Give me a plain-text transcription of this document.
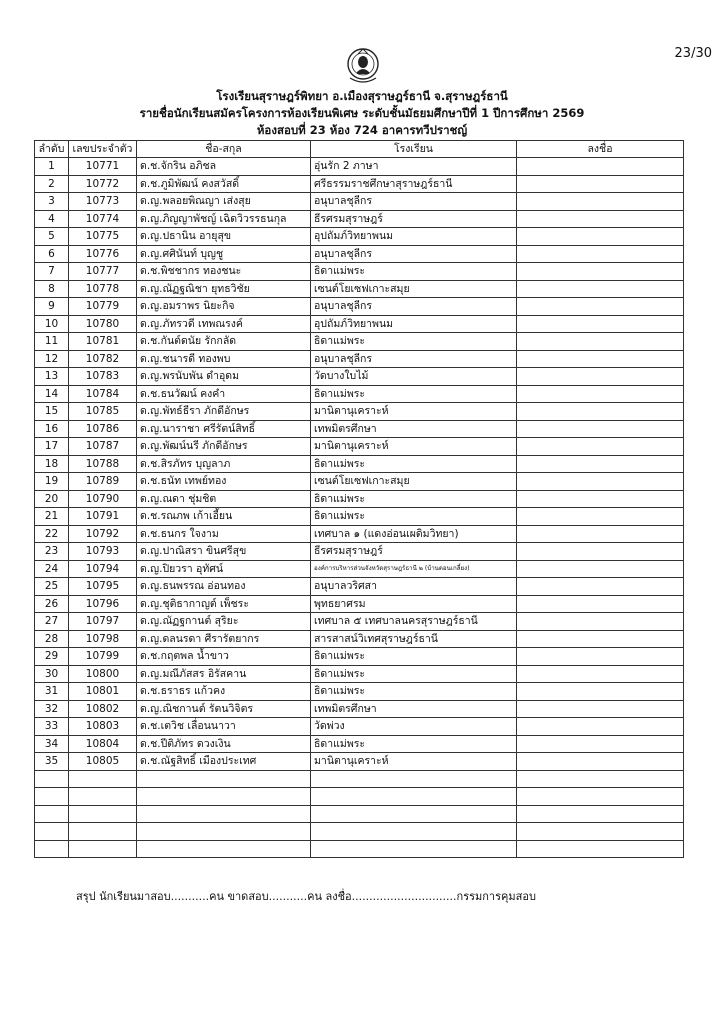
23/30
โรงเรียนสุราษฎร์พิทยา อ.เมืองสุราษฎร์ธานี จ.สุราษฎร์ธานี
รายชื่อนักเรียนสมัครโครงการห้องเรียนพิเศษ ระดับชั้นมัธยมศึกษาปีที่ 1 ปีการศึกษา 2569
ห้องสอบที่ 23 ห้อง 724 อาคารทวีปราชญ์
ลำดับ	เลขประจำตัว	ชื่อ-สกุล	โรงเรียน	ลงชื่อ
1	10771	ด.ช.จักริน อภิชล	อุ่นรัก 2 ภาษา	
2	10772	ด.ช.ภูมิพัฒน์ คงสวัสดิ์	ศรีธรรมราชศึกษาสุราษฎร์ธานี	
3	10773	ด.ญ.พลอยพิณญา เส่งสุย	อนุบาลชุลีกร	
4	10774	ด.ญ.ภิญญาพัชญ์ เฉิดวิวรรธนกุล	ธีรศรมสุราษฎร์	
5	10775	ด.ญ.ปธานิน อายุสุข	อุปถัมภ์วิทยาพนม	
6	10776	ด.ญ.ศศินันท์ บุญชู	อนุบาลชุลีกร	
7	10777	ด.ช.พิชชากร ทองชนะ	ธิดาแม่พระ	
8	10778	ด.ญ.ณัฏฐณิชา ยุทธวิชัย	เซนต์โยเซฟเกาะสมุย	
9	10779	ด.ญ.อมราพร นิยะกิจ	อนุบาลชุลีกร	
10	10780	ด.ญ.ภัทรวดี เทพณรงค์	อุปถัมภ์วิทยาพนม	
11	10781	ด.ช.กันต์ดนัย รักกลัด	ธิดาแม่พระ	
12	10782	ด.ญ.ชนารดี ทองพบ	อนุบาลชุลีกร	
13	10783	ด.ญ.พรนับพัน ดำอุดม	วัดบางใบไม้	
14	10784	ด.ช.ธนวัฒน์ คงคำ	ธิดาแม่พระ	
15	10785	ด.ญ.พัทธ์ธีรา ภักดีอักษร	มานิตานุเคราะห์	
16	10786	ด.ญ.นาราชา ศรีรัตน์สิทธิ์	เทพมิตรศึกษา	
17	10787	ด.ญ.พัฒน์นรี ภักดีอักษร	มานิตานุเคราะห์	
18	10788	ด.ช.สิรภัทร บุญลาภ	ธิดาแม่พระ	
19	10789	ด.ช.ธนัท เทพย์ทอง	เซนต์โยเซฟเกาะสมุย	
20	10790	ด.ญ.ณดา ชุ่มชิต	ธิดาแม่พระ	
21	10791	ด.ช.รณภพ เก้าเอี้ยน	ธิดาแม่พระ	
22	10792	ด.ช.ธนกร ใจงาม	เทศบาล ๑ (แดงอ่อนเผดิมวิทยา)	
23	10793	ด.ญ.ปาณิสรา ขินศรีสุข	ธีรศรมสุราษฎร์	
24	10794	ด.ญ.ปิยวรา อุทัศน์	องค์การบริหารส่วนจังหวัดสุราษฎร์ธานี ๒ (บ้านดอนเกลี้ยง)	
25	10795	ด.ญ.ธนพรรณ อ่อนทอง	อนุบาลวริศสา	
26	10796	ด.ญ.ชุติธากาญต์ เพ็ชระ	พุทธยาศรม	
27	10797	ด.ญ.ณัฏฐกานต์ สุริยะ	เทศบาล ๕ เทศบาลนครสุราษฎร์ธานี	
28	10798	ด.ญ.ดลนรดา ศีรารัตยากร	สารสาสน์วิเทศสุราษฎร์ธานี	
29	10799	ด.ช.กฤตพล น้ำขาว	ธิดาแม่พระ	
30	10800	ด.ญ.มณีภัสสร อิรัสคาน	ธิดาแม่พระ	
31	10801	ด.ช.ธราธร แก้วคง	ธิดาแม่พระ	
32	10802	ด.ญ.ณิชกานต์ รัตนวิจิตร	เทพมิตรศึกษา	
33	10803	ด.ช.เตวิช เลื่อนนาวา	วัดพ่วง	
34	10804	ด.ช.ปีติภัทร ดวงเงิน	ธิดาแม่พระ	
35	10805	ด.ช.ณัฐสิทธิ์ เมืองประเทศ	มานิตานุเคราะห์	

สรุป นักเรียนมาสอบ...........คน ขาดสอบ...........คน ลงชื่อ..............................กรรมการคุมสอบ
